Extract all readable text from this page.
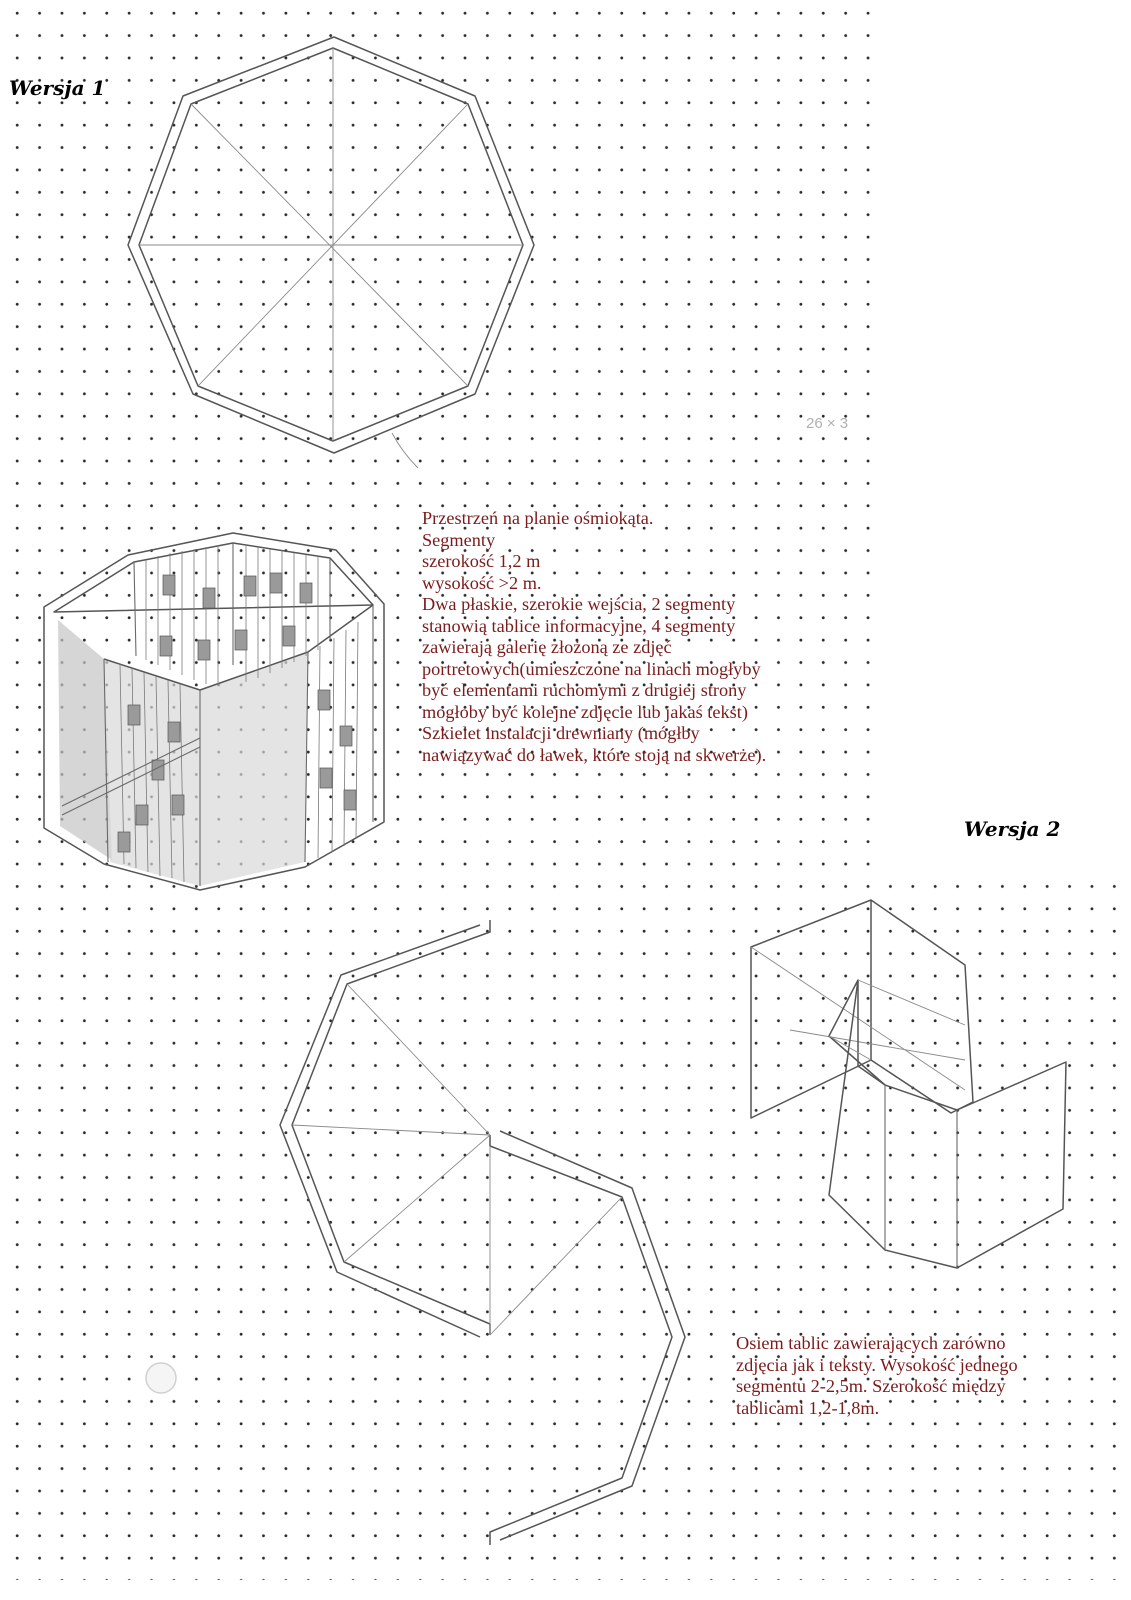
Wersja 1
Wersja 2
26 × 3
Przestrzeń na planie ośmiokąta.
Segmenty
szerokość 1,2 m
wysokość >2 m.
Dwa płaskie, szerokie wejścia, 2 segmenty
stanowią tablice informacyjne, 4 segmenty
zawierają galerię złożoną ze zdjęć
portretowych(umieszczone na linach mogłyby
być elementami ruchomymi z drugiej strony
mogłoby być kolejne zdjęcie lub jakaś tekst)
Szkielet instalacji drewniany (mógłby
nawiązywać do ławek, które stoją na skwerże).
Osiem tablic zawierających zarówno
zdjęcia jak i teksty. Wysokość jednego
segmentu 2-2,5m. Szerokość między
tablicami 1,2-1,8m.
